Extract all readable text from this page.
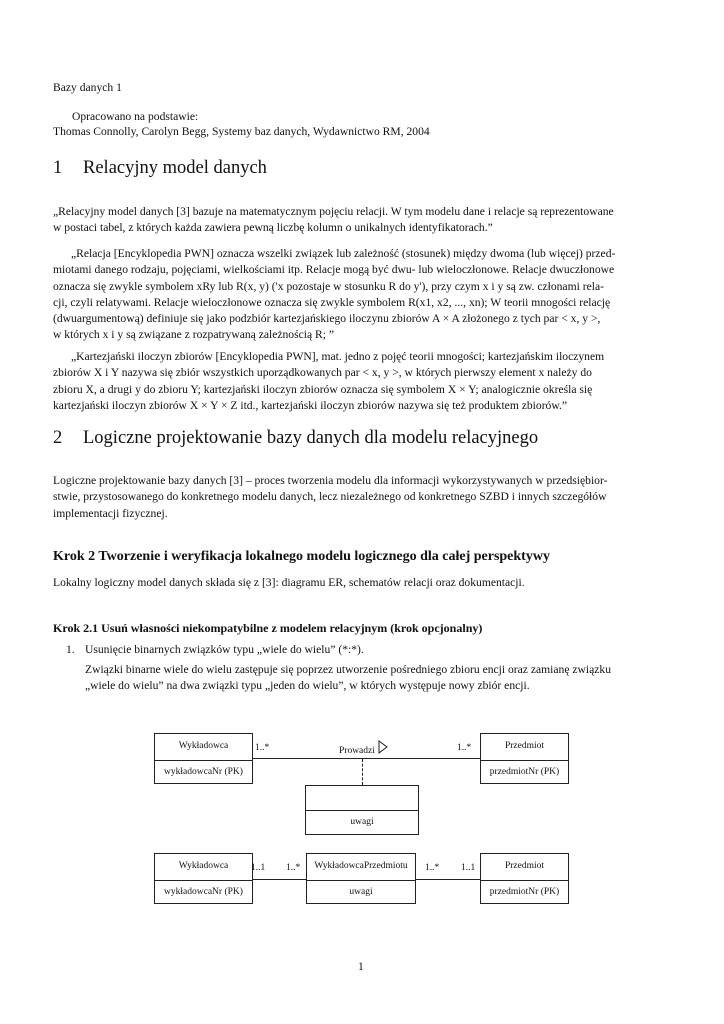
Bazy danych 1
Opracowano na podstawie:
Thomas Connolly, Carolyn Begg, Systemy baz danych, Wydawnictwo RM, 2004
1 Relacyjny model danych
„Relacyjny model danych [3] bazuje na matematycznym pojęciu relacji. W tym modelu dane i relacje są reprezentowane
w postaci tabel, z których każda zawiera pewną liczbę kolumn o unikalnych identyfikatorach.”
„Relacja [Encyklopedia PWN] oznacza wszelki związek lub zależność (stosunek) między dwoma (lub więcej) przed-
miotami danego rodzaju, pojęciami, wielkościami itp. Relacje mogą być dwu- lub wieloczłonowe. Relacje dwuczłonowe
oznacza się zwykle symbolem xRy lub R(x, y) ('x pozostaje w stosunku R do y'), przy czym x i y są zw. członami rela-
cji, czyli relatywami. Relacje wieloczłonowe oznacza się zwykle symbolem R(x1, x2, ..., xn); W teorii mnogości relację
(dwuargumentową) definiuje się jako podzbiór kartezjańskiego iloczynu zbiorów A × A złożonego z tych par < x, y >,
w których x i y są związane z rozpatrywaną zależnością R; ”
„Kartezjański iloczyn zbiorów [Encyklopedia PWN], mat. jedno z pojęć teorii mnogości; kartezjańskim iloczynem
zbiorów X i Y nazywa się zbiór wszystkich uporządkowanych par < x, y >, w których pierwszy element x należy do
zbioru X, a drugi y do zbioru Y; kartezjański iloczyn zbiorów oznacza się symbolem X × Y; analogicznie określa się
kartezjański iloczyn zbiorów X × Y × Z itd., kartezjański iloczyn zbiorów nazywa się też produktem zbiorów.”
2 Logiczne projektowanie bazy danych dla modelu relacyjnego
Logiczne projektowanie bazy danych [3] – proces tworzenia modelu dla informacji wykorzystywanych w przedsiębior-
stwie, przystosowanego do konkretnego modelu danych, lecz niezależnego od konkretnego SZBD i innych szczegółów
implementacji fizycznej.
Krok 2 Tworzenie i weryfikacja lokalnego modelu logicznego dla całej perspektywy
Lokalny logiczny model danych składa się z [3]: diagramu ER, schematów relacji oraz dokumentacji.
Krok 2.1 Usuń własności niekompatybilne z modelem relacyjnym (krok opcjonalny)
1. Usunięcie binarnych związków typu „wiele do wielu” (*:*).
Związki binarne wiele do wielu zastępuje się poprzez utworzenie pośredniego zbioru encji oraz zamianę związku
„wiele do wielu” na dwa związki typu „jeden do wielu”, w których występuje nowy zbiór encji.
Wykładowca
wykładowcaNr (PK)
Przedmiot
przedmiotNr (PK)
1..*	1..*
Prowadzi
uwagi
Wykładowca
wykładowcaNr (PK)
WykładowcaPrzedmiotu
uwagi
Przedmiot
przedmiotNr (PK)
1..1 1..*	1..* 1..1
1
